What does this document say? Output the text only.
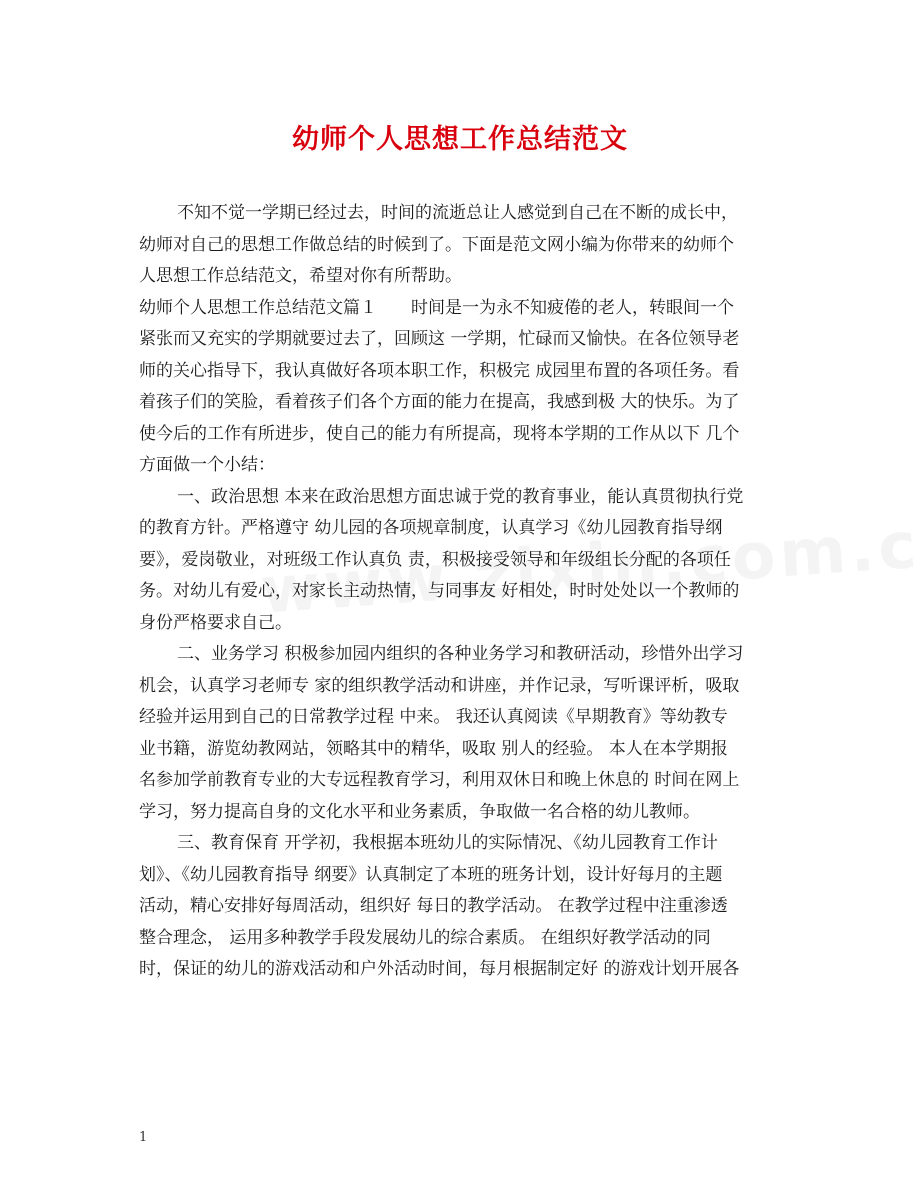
幼师个人思想工作总结范文
不知不觉一学期已经过去，时间的流逝总让人感觉到自己在不断的成长中，
幼师对自己的思想工作做总结的时候到了。下面是范文网小编为你带来的幼师个
人思想工作总结范文，希望对你有所帮助。
幼师个人思想工作总结范文篇１　　时间是一为永不知疲倦的老人，转眼间一个
紧张而又充实的学期就要过去了，回顾这 一学期，忙碌而又愉快。在各位领导老
师的关心指导下，我认真做好各项本职工作，积极完 成园里布置的各项任务。看
着孩子们的笑脸，看着孩子们各个方面的能力在提高，我感到极 大的快乐。为了
使今后的工作有所进步，使自己的能力有所提高，现将本学期的工作从以下 几个
方面做一个小结：
一、政治思想 本来在政治思想方面忠诚于党的教育事业，能认真贯彻执行党
的教育方针。严格遵守 幼儿园的各项规章制度，认真学习《幼儿园教育指导纲
要》，爱岗敬业，对班级工作认真负 责，积极接受领导和年级组长分配的各项任
务。对幼儿有爱心，对家长主动热情，与同事友 好相处，时时处处以一个教师的
身份严格要求自己。
二、业务学习 积极参加园内组织的各种业务学习和教研活动，珍惜外出学习
机会，认真学习老师专 家的组织教学活动和讲座，并作记录，写听课评析，吸取
经验并运用到自己的日常教学过程 中来。 我还认真阅读《早期教育》等幼教专
业书籍，游览幼教网站，领略其中的精华，吸取 别人的经验。 本人在本学期报
名参加学前教育专业的大专远程教育学习，利用双休日和晚上休息的 时间在网上
学习，努力提高自身的文化水平和业务素质，争取做一名合格的幼儿教师。
三、教育保育 开学初，我根据本班幼儿的实际情况、《幼儿园教育工作计
划》、《幼儿园教育指导 纲要》认真制定了本班的班务计划，设计好每月的主题
活动，精心安排好每周活动，组织好 每日的教学活动。 在教学过程中注重渗透
整合理念， 运用多种教学手段发展幼儿的综合素质。 在组织好教学活动的同
时，保证的幼儿的游戏活动和户外活动时间，每月根据制定好 的游戏计划开展各
1
